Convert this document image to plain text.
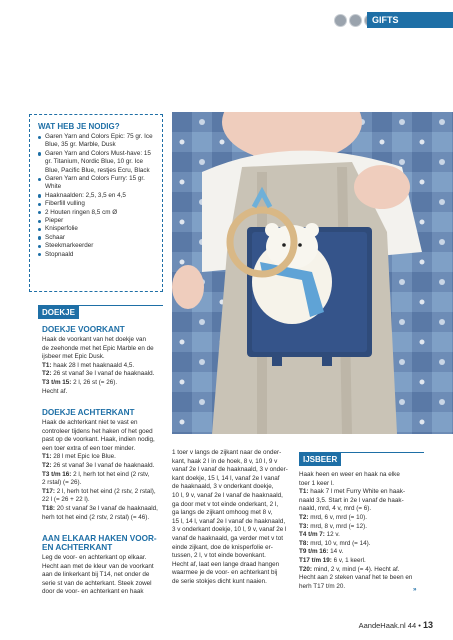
GIFTS
WAT HEB JE NODIG?
Garen Yarn and Colors Epic: 75 gr. Ice Blue, 35 gr. Marble, Dusk
Garen Yarn and Colors Must-have: 15 gr. Titanium, Nordic Blue, 10 gr. Ice Blue, Pacific Blue, restjes Ecru, Black
Garen Yarn and Colors Furry: 15 gr. White
Haaknaalden: 2,5, 3,5 en 4,5
Fiberfill vulling
2 Houten ringen 8,5 cm Ø
Pieper
Knisperfolie
Schaar
Steekmarkeerder
Stopnaald
DOEKJE
DOEKJE VOORKANT
Haak de voorkant van het doekje van
de zeehonde met het Epic Marble en de
ijsbeer met Epic Dusk.
T1: haak 28 l met haaknaald 4,5.
T2: 26 st vanaf 3e l vanaf de haaknaald.
T3 t/m 15: 2 l, 26 st (= 26).
Hecht af.
DOEKJE ACHTERKANT
Haak de achterkant niet te vast en
controleer tijdens het haken of het goed
past op de voorkant. Haak, indien nodig,
een toer extra of een toer minder.
T1: 28 l met Epic Ice Blue.
T2: 26 st vanaf 3e l vanaf de haaknaald.
T3 t/m 16: 2 l, herh tot het eind (2 rstv,
2 rstal) (= 26).
T17: 2 l, herh tot het eind (2 rstv, 2 rstal),
22 l (= 26 + 22 l).
T18: 20 st vanaf 3e l vanaf de haaknaald,
herh tot het eind (2 rstv, 2 rstal) (= 46).
AAN ELKAAR HAKEN VOOR-
EN ACHTERKANT
Leg de voor- en achterkant op elkaar.
Hecht aan met de kleur van de voorkant
aan de linkerkant bij T14, net onder de
serie st van de achterkant. Steek zowel
door de voor- en achterkant en haak
1 toer v langs de zijkant naar de onder-
kant, haak 2 l in de hoek, 8 v, 10 l, 9 v
vanaf 2e l vanaf de haaknaald, 3 v onder-
kant doekje, 15 l, 14 l, vanaf 2e l vanaf
de haaknaald, 3 v onderkant doekje,
10 l, 9 v, vanaf 2e l vanaf de haaknaald,
ga door met v tot einde onderkant, 2 l,
ga langs de zijkant omhoog met 8 v,
15 l, 14 l, vanaf 2e l vanaf de haaknaald,
3 v onderkant doekje, 10 l, 9 v, vanaf 2e l
vanaf de haaknaald, ga verder met v tot
einde zijkant, doe de knisperfolie er-
tussen, 2 l, v tot einde bovenkant.
Hecht af, laat een lange draad hangen
waarmee je de voor- en achterkant bij
de serie stokjes dicht kunt naaien.
IJSBEER
Haak heen en weer en haak na elke
toer 1 keer l.
T1: haak 7 l met Furry White en haak-
naald 3,5. Start in 2e l vanaf de haak-
naald, mrd, 4 v, mrd (= 6).
T2: mrd, 6 v, mrd (= 10).
T3: mrd, 8 v, mrd (= 12).
T4 t/m 7: 12 v.
T8: mrd, 10 v, mrd (= 14).
T9 t/m 16: 14 v.
T17 t/m 19: 6 v, 1 keerl.
T20: mind, 2 v, mind (= 4). Hecht af.
Hecht aan 2 steken vanaf het te been en
herh T17 t/m 20.	»
AandeHaak.nl 44 • 13
